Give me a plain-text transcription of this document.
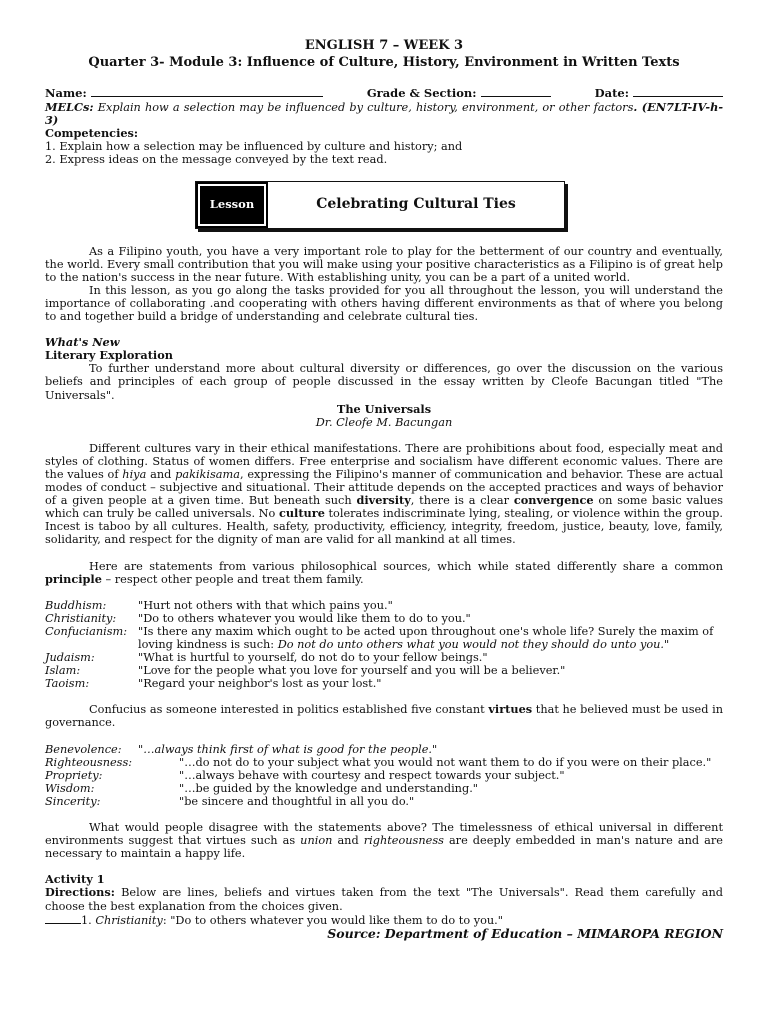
ENGLISH 7 – WEEK 3
Quarter 3- Module 3: Influence of Culture, History, Environment in Written Texts
Name:	Grade & Section:	Date:

MELCs: Explain how a selection may be influenced by culture, history, environment, or other factors. (EN7LT-IV-h-3)

Competencies:
1. Explain how a selection may be influenced by culture and history; and
2. Express ideas on the message conveyed by the text read.
Lesson	Celebrating Cultural Ties

As a Filipino youth, you have a very important role to play for the betterment of our country and eventually, the world. Every small contribution that you will make using your positive characteristics as a Filipino is of great help to the nation's success in the near future. With establishing unity, you can be a part of a united world.

In this lesson, as you go along the tasks provided for you all throughout the lesson, you will understand the importance of collaborating .and cooperating with others having different environments as that of where you belong to and together build a bridge of understanding and celebrate cultural ties.

What's New
Literary Exploration

To further understand more about cultural diversity or differences, go over the discussion on the various beliefs and principles of each group of people discussed in the essay written by Cleofe Bacungan titled "The Universals".

The Universals
Dr. Cleofe M. Bacungan

Different cultures vary in their ethical manifestations. There are prohibitions about food, especially meat and styles of clothing. Status of women differs. Free enterprise and socialism have different economic values. There are the values of hiya and pakikisama, expressing the Filipino's manner of communication and behavior. These are actual modes of conduct – subjective and situational. Their attitude depends on the accepted practices and ways of behavior of a given people at a given time. But beneath such diversity, there is a clear convergence on some basic values which can truly be called universals. No culture tolerates indiscriminate lying, stealing, or violence within the group. Incest is taboo by all cultures. Health, safety, productivity, efficiency, integrity, freedom, justice, beauty, love, family, solidarity, and respect for the dignity of man are valid for all mankind at all times.

Here are statements from various philosophical sources, which while stated differently share a common principle – respect other people and treat them family.

Buddhism:	"Hurt not others with that which pains you."
Christianity:	"Do to others whatever you would like them to do to you."
Confucianism: "Is there any maxim which ought to be acted upon throughout one's whole life? Surely the maxim of loving kindness is such: Do not do unto others what you would not they should do unto you."
Judaism:	"What is hurtful to yourself, do not do to your fellow beings."
Islam:	"Love for the people what you love for yourself and you will be a believer."
Taoism:	"Regard your neighbor's lost as your lost."

Confucius as someone interested in politics established five constant virtues that he believed must be used in governance.

Benevolence:	"…always think first of what is good for the people."
Righteousness:	"…do not do to your subject what you would not want them to do if you were on their place."
Propriety:	"…always behave with courtesy and respect towards your subject."
Wisdom:	"…be guided by the knowledge and understanding."
Sincerity:	"be sincere and thoughtful in all you do."

What would people disagree with the statements above? The timelessness of ethical universal in different environments suggest that virtues such as union and righteousness are deeply embedded in man's nature and are necessary to maintain a happy life.

Activity 1

Directions: Below are lines, beliefs and virtues taken from the text "The Universals". Read them carefully and choose the best explanation from the choices given.

1. Christianity: "Do to others whatever you would like them to do to you."
Source: Department of Education – MIMAROPA REGION
